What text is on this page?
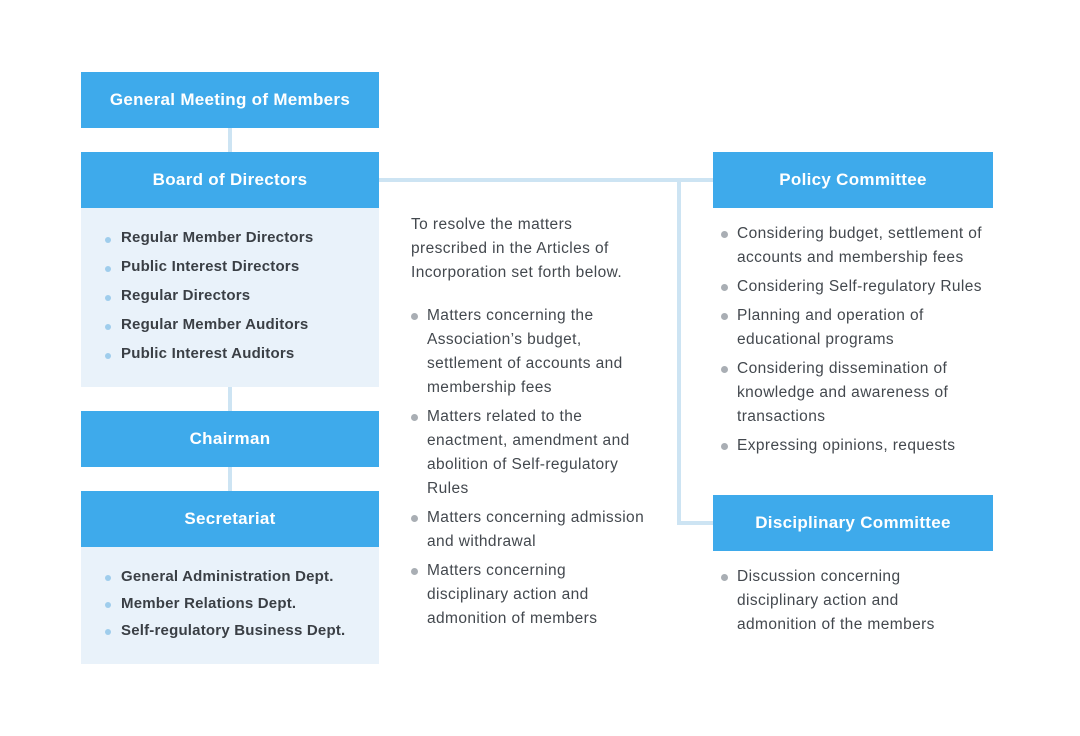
General Meeting of Members
Board of Directors
Regular Member Directors
Public Interest Directors
Regular Directors
Regular Member Auditors
Public Interest Auditors
Chairman
Secretariat
General Administration Dept.
Member Relations Dept.
Self-regulatory Business Dept.
To resolve the matters prescribed in the Articles of Incorporation set forth below.
Matters concerning the Association’s budget, settlement of accounts and membership fees
Matters related to the enactment, amendment and abolition of Self-regulatory Rules
Matters concerning admission and withdrawal
Matters concerning disciplinary action and admonition of members
Policy Committee
Considering budget, settlement of accounts and membership fees
Considering Self-regulatory Rules
Planning and operation of educational programs
Considering dissemination of knowledge and awareness of transactions
Expressing opinions, requests
Disciplinary Committee
Discussion concerning disciplinary action and admonition of the members
